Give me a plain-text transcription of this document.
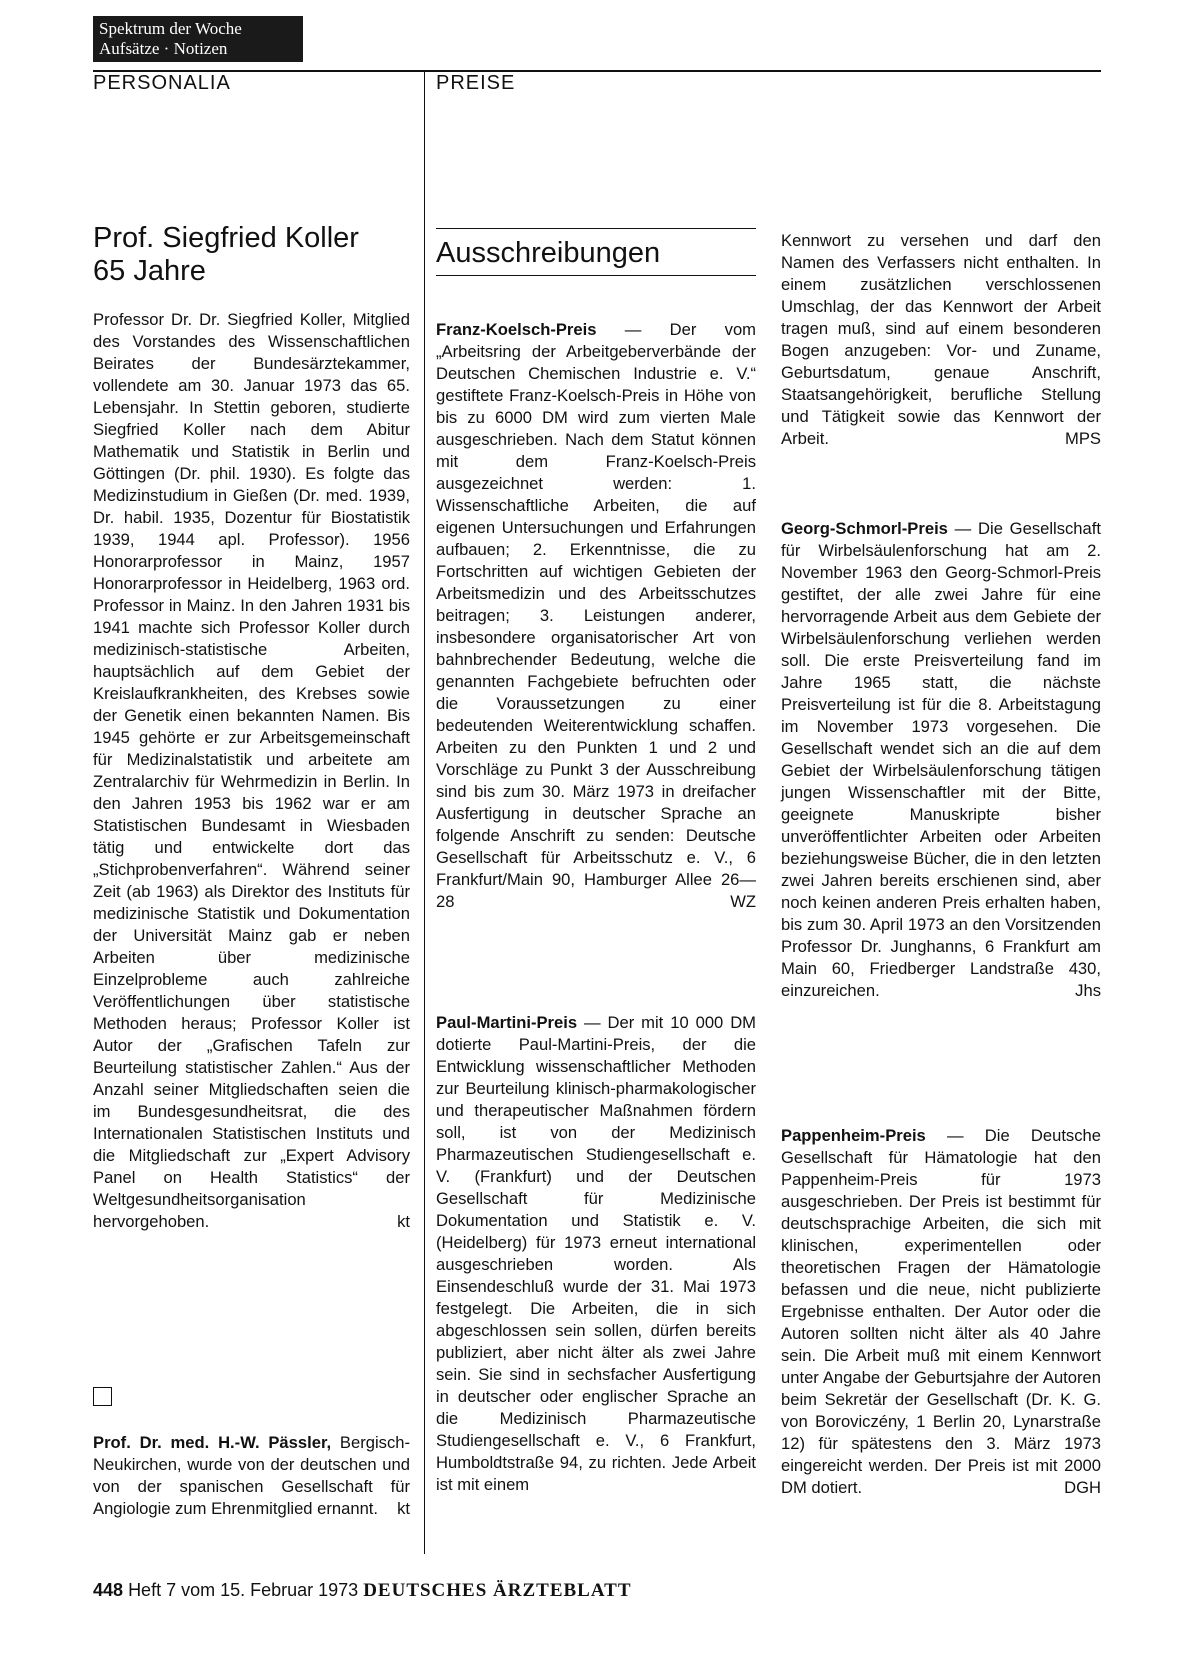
Spektrum der Woche
Aufsätze · Notizen
PERSONALIA	PREISE
Prof. Siegfried Koller
65 Jahre

Professor Dr. Dr. Siegfried Koller, Mitglied des Vorstandes des Wissenschaftlichen Beirates der Bundesärztekammer, vollendete am 30. Januar 1973 das 65. Lebensjahr. In Stettin geboren, studierte Siegfried Koller nach dem Abitur Mathematik und Statistik in Berlin und Göttingen (Dr. phil. 1930). Es folgte das Medizinstudium in Gießen (Dr. med. 1939, Dr. habil. 1935, Dozentur für Biostatistik 1939, 1944 apl. Professor). 1956 Honorarprofessor in Mainz, 1957 Honorarprofessor in Heidelberg, 1963 ord. Professor in Mainz. In den Jahren 1931 bis 1941 machte sich Professor Koller durch medizinisch-statistische Arbeiten, hauptsächlich auf dem Gebiet der Kreislaufkrankheiten, des Krebses sowie der Genetik einen bekannten Namen. Bis 1945 gehörte er zur Arbeitsgemeinschaft für Medizinalstatistik und arbeitete am Zentralarchiv für Wehrmedizin in Berlin. In den Jahren 1953 bis 1962 war er am Statistischen Bundesamt in Wiesbaden tätig und entwickelte dort das „Stichprobenverfahren“. Während seiner Zeit (ab 1963) als Direktor des Instituts für medizinische Statistik und Dokumentation der Universität Mainz gab er neben Arbeiten über medizinische Einzelprobleme auch zahlreiche Veröffentlichungen über statistische Methoden heraus; Professor Koller ist Autor der „Grafischen Tafeln zur Beurteilung statistischer Zahlen.“ Aus der Anzahl seiner Mitgliedschaften seien die im Bundesgesundheitsrat, die des Internationalen Statistischen Instituts und die Mitgliedschaft zur „Expert Advisory Panel on Health Statistics“ der Weltgesundheitsorganisation hervorgehoben.	kt

Prof. Dr. med. H.-W. Pässler, Bergisch-Neukirchen, wurde von der deutschen und von der spanischen Gesellschaft für Angiologie zum Ehrenmitglied ernannt. kt

Ausschreibungen

Franz-Koelsch-Preis — Der vom „Arbeitsring der Arbeitgeberverbände der Deutschen Chemischen Industrie e. V.“ gestiftete Franz-Koelsch-Preis in Höhe von bis zu 6000 DM wird zum vierten Male ausgeschrieben. Nach dem Statut können mit dem Franz-Koelsch-Preis ausgezeichnet werden: 1. Wissenschaftliche Arbeiten, die auf eigenen Untersuchungen und Erfahrungen aufbauen; 2. Erkenntnisse, die zu Fortschritten auf wichtigen Gebieten der Arbeitsmedizin und des Arbeitsschutzes beitragen; 3. Leistungen anderer, insbesondere organisatorischer Art von bahnbrechender Bedeutung, welche die genannten Fachgebiete befruchten oder die Voraussetzungen zu einer bedeutenden Weiterentwicklung schaffen. Arbeiten zu den Punkten 1 und 2 und Vorschläge zu Punkt 3 der Ausschreibung sind bis zum 30. März 1973 in dreifacher Ausfertigung in deutscher Sprache an folgende Anschrift zu senden: Deutsche Gesellschaft für Arbeitsschutz e. V., 6 Frankfurt/Main 90, Hamburger Allee 26—28	WZ

Paul-Martini-Preis — Der mit 10 000 DM dotierte Paul-Martini-Preis, der die Entwicklung wissenschaftlicher Methoden zur Beurteilung klinisch-pharmakologischer und therapeutischer Maßnahmen fördern soll, ist von der Medizinisch Pharmazeutischen Studiengesellschaft e. V. (Frankfurt) und der Deutschen Gesellschaft für Medizinische Dokumentation und Statistik e. V. (Heidelberg) für 1973 erneut international ausgeschrieben worden. Als Einsendeschluß wurde der 31. Mai 1973 festgelegt. Die Arbeiten, die in sich abgeschlossen sein sollen, dürfen bereits publiziert, aber nicht älter als zwei Jahre sein. Sie sind in sechsfacher Ausfertigung in deutscher oder englischer Sprache an die Medizinisch Pharmazeutische Studiengesellschaft e. V., 6 Frankfurt, Humboldtstraße 94, zu richten. Jede Arbeit ist mit einem

Kennwort zu versehen und darf den Namen des Verfassers nicht enthalten. In einem zusätzlichen verschlossenen Umschlag, der das Kennwort der Arbeit tragen muß, sind auf einem besonderen Bogen anzugeben: Vor- und Zuname, Geburtsdatum, genaue Anschrift, Staatsangehörigkeit, berufliche Stellung und Tätigkeit sowie das Kennwort der Arbeit.	MPS

Georg-Schmorl-Preis — Die Gesellschaft für Wirbelsäulenforschung hat am 2. November 1963 den Georg-Schmorl-Preis gestiftet, der alle zwei Jahre für eine hervorragende Arbeit aus dem Gebiete der Wirbelsäulenforschung verliehen werden soll. Die erste Preisverteilung fand im Jahre 1965 statt, die nächste Preisverteilung ist für die 8. Arbeitstagung im November 1973 vorgesehen. Die Gesellschaft wendet sich an die auf dem Gebiet der Wirbelsäulenforschung tätigen jungen Wissenschaftler mit der Bitte, geeignete Manuskripte bisher unveröffentlichter Arbeiten oder Arbeiten beziehungsweise Bücher, die in den letzten zwei Jahren bereits erschienen sind, aber noch keinen anderen Preis erhalten haben, bis zum 30. April 1973 an den Vorsitzenden Professor Dr. Junghanns, 6 Frankfurt am Main 60, Friedberger Landstraße 430, einzureichen.	Jhs

Pappenheim-Preis — Die Deutsche Gesellschaft für Hämatologie hat den Pappenheim-Preis für 1973 ausgeschrieben. Der Preis ist bestimmt für deutschsprachige Arbeiten, die sich mit klinischen, experimentellen oder theoretischen Fragen der Hämatologie befassen und die neue, nicht publizierte Ergebnisse enthalten. Der Autor oder die Autoren sollten nicht älter als 40 Jahre sein. Die Arbeit muß mit einem Kennwort unter Angabe der Geburtsjahre der Autoren beim Sekretär der Gesellschaft (Dr. K. G. von Boroviczény, 1 Berlin 20, Lynarstraße 12) für spätestens den 3. März 1973 eingereicht werden. Der Preis ist mit 2000 DM dotiert.	DGH

448 Heft 7 vom 15. Februar 1973 DEUTSCHES ÄRZTEBLATT
